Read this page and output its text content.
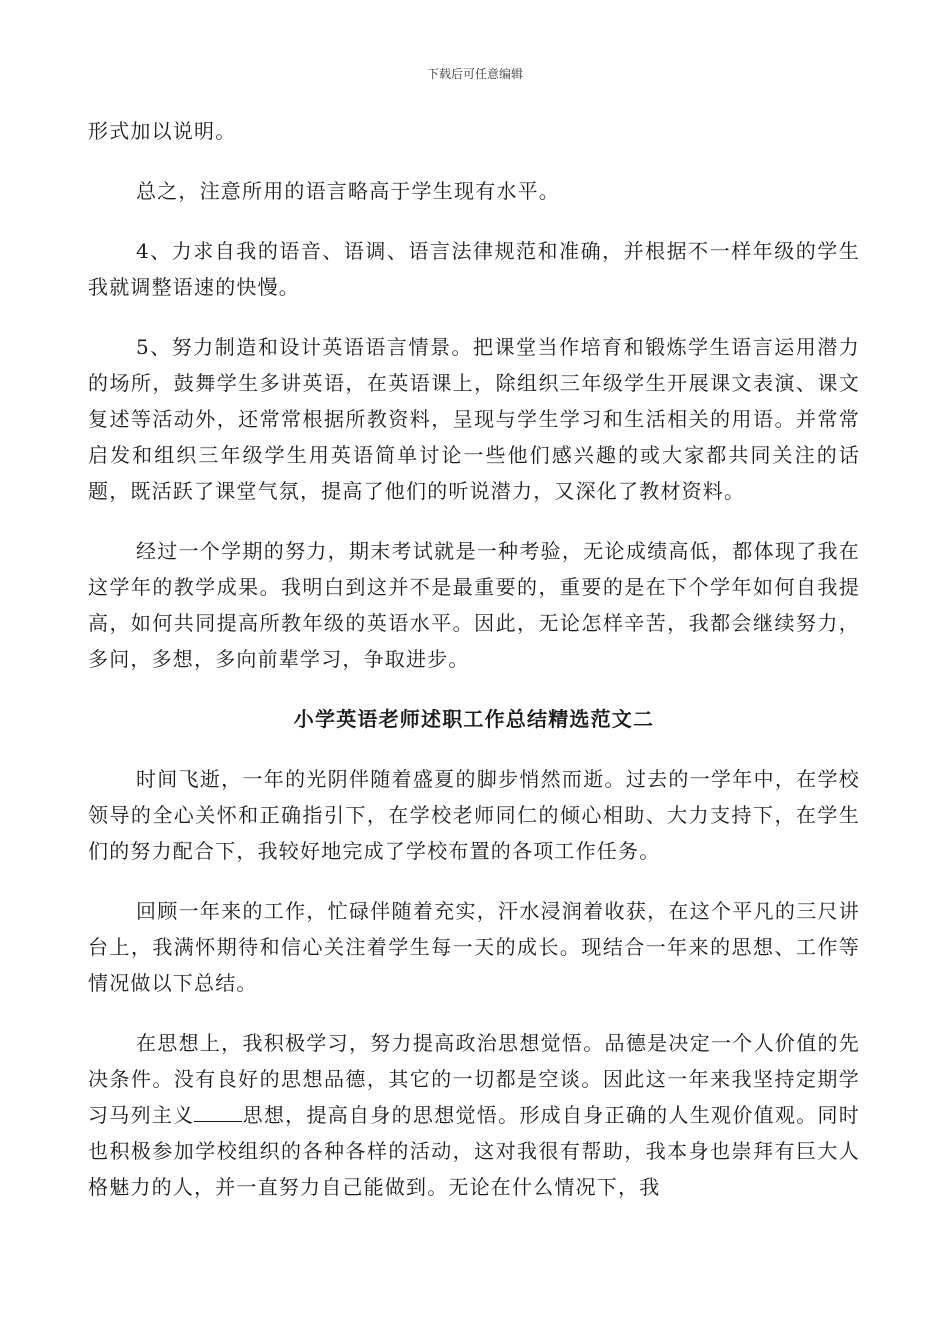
下载后可任意编辑

形式加以说明。

总之，注意所用的语言略高于学生现有水平。

4、力求自我的语音、语调、语言法律规范和准确，并根据不一样年级的学生我就调整语速的快慢。

5、努力制造和设计英语语言情景。把课堂当作培育和锻炼学生语言运用潜力的场所，鼓舞学生多讲英语，在英语课上，除组织三年级学生开展课文表演、课文复述等活动外，还常常根据所教资料，呈现与学生学习和生活相关的用语。并常常启发和组织三年级学生用英语简单讨论一些他们感兴趣的或大家都共同关注的话题，既活跃了课堂气氛，提高了他们的听说潜力，又深化了教材资料。

经过一个学期的努力，期末考试就是一种考验，无论成绩高低，都体现了我在这学年的教学成果。我明白到这并不是最重要的，重要的是在下个学年如何自我提高，如何共同提高所教年级的英语水平。因此，无论怎样辛苦，我都会继续努力，多问，多想，多向前辈学习，争取进步。

小学英语老师述职工作总结精选范文二

时间飞逝，一年的光阴伴随着盛夏的脚步悄然而逝。过去的一学年中，在学校领导的全心关怀和正确指引下，在学校老师同仁的倾心相助、大力支持下，在学生们的努力配合下，我较好地完成了学校布置的各项工作任务。

回顾一年来的工作，忙碌伴随着充实，汗水浸润着收获，在这个平凡的三尺讲台上，我满怀期待和信心关注着学生每一天的成长。现结合一年来的思想、工作等情况做以下总结。

在思想上，我积极学习，努力提高政治思想觉悟。品德是决定一个人价值的先决条件。没有良好的思想品德，其它的一切都是空谈。因此这一年来我坚持定期学习马列主义 思想，提高自身的思想觉悟。形成自身正确的人生观价值观。同时也积极参加学校组织的各种各样的活动，这对我很有帮助，我本身也崇拜有巨大人格魅力的人，并一直努力自己能做到。无论在什么情况下，我
